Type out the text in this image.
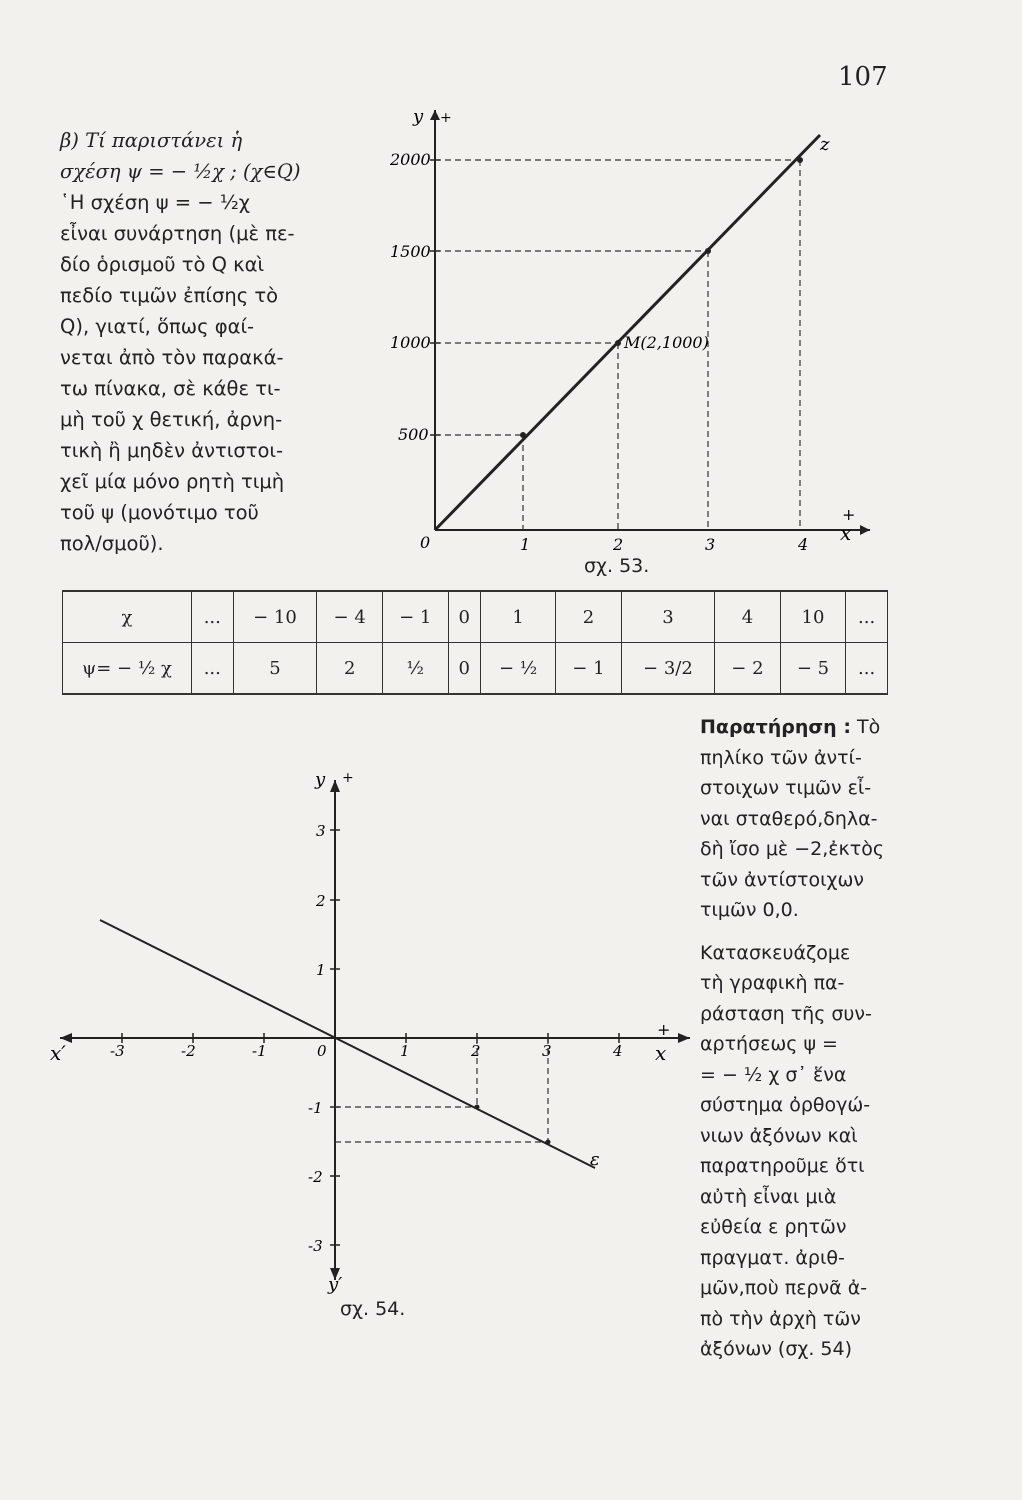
107
β) Τί παριστάνει ἡ
σχέση ψ = − ½χ ; (χ∈Q)
῾Η σχέση ψ = − ½χ
εἶναι συνάρτηση (μὲ πε-
δίο ὁρισμοῦ τὸ Q καὶ
πεδίο τιμῶν ἐπίσης τὸ
Q), γιατί, ὅπως φαί-
νεται ἀπὸ τὸν παρακά-
τω πίνακα, σὲ κάθε τι-
μὴ τοῦ χ θετική, ἀρνη-
τικὴ ἢ μηδὲν ἀντιστοι-
χεῖ μία μόνο ρητὴ τιμὴ
τοῦ ψ (μονότιμο τοῦ
πολ/σμοῦ).
y +
x
+
2000
1500
1000
500
0	1	2	3	4
M(2,1000)
z
σχ. 53.
χ	...	− 10	− 4	− 1	0	1	2	3	4	10	...
ψ= − ½ χ	...	5	2	½	0	− ½	− 1	− 3/2	− 2	− 5	...
y +
y′
x′	x
+
-3	-2	-1	0	1	2	3	4
3
2
1
-1
-2
-3
ε
σχ. 54.
Παρατήρηση : Τὸ
πηλίκο τῶν ἀντί-
στοιχων τιμῶν εἶ-
ναι σταθερό,δηλα-
δὴ ἴσο μὲ −2,ἐκτὸς
τῶν ἀντίστοιχων
τιμῶν 0,0.
Κατασκευάζομε
τὴ γραφικὴ πα-
ράσταση τῆς συν-
αρτήσεως ψ =
= − ½ χ σ᾽ ἕνα
σύστημα ὀρθογώ-
νιων ἀξόνων καὶ
παρατηροῦμε ὅτι
αὐτὴ εἶναι μιὰ
εὐθεία ε ρητῶν
πραγματ. ἀριθ-
μῶν,ποὺ περνᾶ ἀ-
πὸ τὴν ἀρχὴ τῶν
ἀξόνων (σχ. 54)
